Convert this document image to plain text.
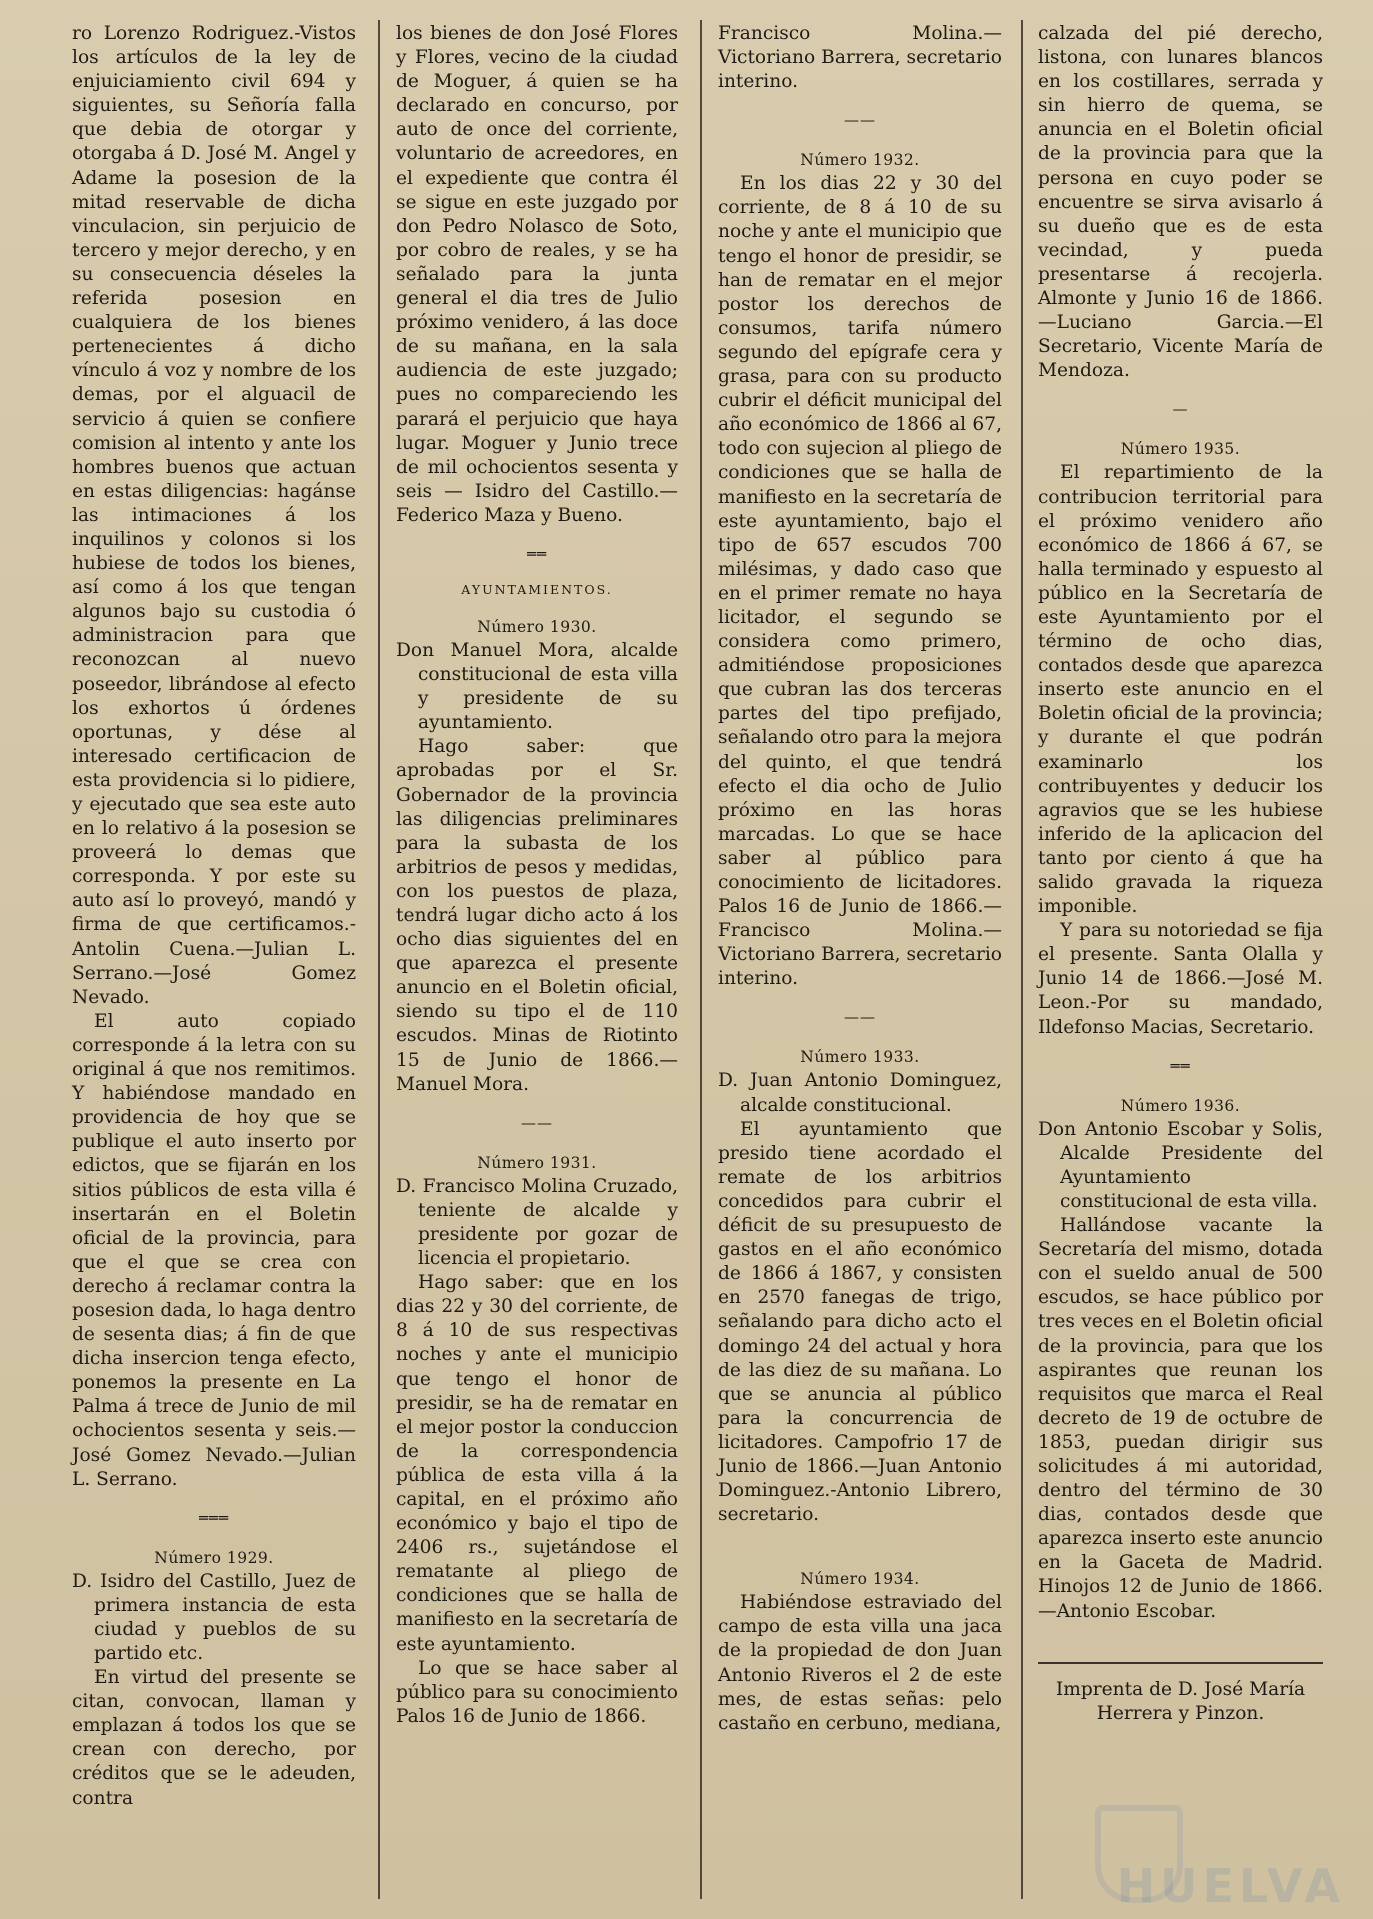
ro Lorenzo Rodriguez.-Vistos los artículos de la ley de enjuiciamiento civil 694 y siguientes, su Señoría falla que debia de otorgar y otorgaba á D. José M. Angel y Adame la posesion de la mitad reservable de dicha vinculacion, sin perjuicio de tercero y mejor derecho, y en su consecuencia déseles la referida posesion en cualquiera de los bienes pertenecientes á dicho vínculo á voz y nombre de los demas, por el alguacil de servicio á quien se confiere comision al intento y ante los hombres buenos que actuan en estas diligencias: hagánse las intimaciones á los inquilinos y colonos si los hubiese de todos los bienes, así como á los que tengan algunos bajo su custodia ó administracion para que reconozcan al nuevo poseedor, librándose al efecto los exhortos ú órdenes oportunas, y dése al interesado certificacion de esta providencia si lo pidiere, y ejecutado que sea este auto en lo relativo á la posesion se proveerá lo demas que corresponda. Y por este su auto así lo proveyó, mandó y firma de que certificamos.-Antolin Cuena.—Julian L. Serrano.—José Gomez Nevado.

El auto copiado corresponde á la letra con su original á que nos remitimos. Y habiéndose mandado en providencia de hoy que se publique el auto inserto por edictos, que se fijarán en los sitios públicos de esta villa é insertarán en el Boletin oficial de la provincia, para que el que se crea con derecho á reclamar contra la posesion dada, lo haga dentro de sesenta dias; á fin de que dicha insercion tenga efecto, ponemos la presente en La Palma á trece de Junio de mil ochocientos sesenta y seis.—José Gomez Nevado.—Julian L. Serrano.

═══
Número 1929.

D. Isidro del Castillo, Juez de primera instancia de esta ciudad y pueblos de su partido etc.

En virtud del presente se citan, convocan, llaman y emplazan á todos los que se crean con derecho, por créditos que se le adeuden, contra

los bienes de don José Flores y Flores, vecino de la ciudad de Moguer, á quien se ha declarado en concurso, por auto de once del corriente, voluntario de acreedores, en el expediente que contra él se sigue en este juzgado por don Pedro Nolasco de Soto, por cobro de reales, y se ha señalado para la junta general el dia tres de Julio próximo venidero, á las doce de su mañana, en la sala audiencia de este juzgado; pues no compareciendo les parará el perjuicio que haya lugar. Moguer y Junio trece de mil ochocientos sesenta y seis — Isidro del Castillo.—Federico Maza y Bueno.

══
AYUNTAMIENTOS.
Número 1930.

Don Manuel Mora, alcalde constitucional de esta villa y presidente de su ayuntamiento.

Hago saber: que aprobadas por el Sr. Gobernador de la provincia las diligencias preliminares para la subasta de los arbitrios de pesos y medidas, con los puestos de plaza, tendrá lugar dicho acto á los ocho dias siguientes del en que aparezca el presente anuncio en el Boletin oficial, siendo su tipo el de 110 escudos. Minas de Riotinto 15 de Junio de 1866.—Manuel Mora.

——
Número 1931.

D. Francisco Molina Cruzado, teniente de alcalde y presidente por gozar de licencia el propietario.

Hago saber: que en los dias 22 y 30 del corriente, de 8 á 10 de sus respectivas noches y ante el municipio que tengo el honor de presidir, se ha de rematar en el mejor postor la conduccion de la correspondencia pública de esta villa á la capital, en el próximo año económico y bajo el tipo de 2406 rs., sujetándose el rematante al pliego de condiciones que se halla de manifiesto en la secretaría de este ayuntamiento.

Lo que se hace saber al público para su conocimiento Palos 16 de Junio de 1866.

Francisco Molina.—Victoriano Barrera, secretario interino.

——
Número 1932.

En los dias 22 y 30 del corriente, de 8 á 10 de su noche y ante el municipio que tengo el honor de presidir, se han de rematar en el mejor postor los derechos de consumos, tarifa número segundo del epígrafe cera y grasa, para con su producto cubrir el déficit municipal del año económico de 1866 al 67, todo con sujecion al pliego de condiciones que se halla de manifiesto en la secretaría de este ayuntamiento, bajo el tipo de 657 escudos 700 milésimas, y dado caso que en el primer remate no haya licitador, el segundo se considera como primero, admitiéndose proposiciones que cubran las dos terceras partes del tipo prefijado, señalando otro para la mejora del quinto, el que tendrá efecto el dia ocho de Julio próximo en las horas marcadas. Lo que se hace saber al público para conocimiento de licitadores. Palos 16 de Junio de 1866.—Francisco Molina.—Victoriano Barrera, secretario interino.

——
Número 1933.

D. Juan Antonio Dominguez, alcalde constitucional.

El ayuntamiento que presido tiene acordado el remate de los arbitrios concedidos para cubrir el déficit de su presupuesto de gastos en el año económico de 1866 á 1867, y consisten en 2570 fanegas de trigo, señalando para dicho acto el domingo 24 del actual y hora de las diez de su mañana. Lo que se anuncia al público para la concurrencia de licitadores. Campofrio 17 de Junio de 1866.—Juan Antonio Dominguez.-Antonio Librero, secretario.

Número 1934.

Habiéndose estraviado del campo de esta villa una jaca de la propiedad de don Juan Antonio Riveros el 2 de este mes, de estas señas: pelo castaño en cerbuno, mediana,

calzada del pié derecho, listona, con lunares blancos en los costillares, serrada y sin hierro de quema, se anuncia en el Boletin oficial de la provincia para que la persona en cuyo poder se encuentre se sirva avisarlo á su dueño que es de esta vecindad, y pueda presentarse á recojerla. Almonte y Junio 16 de 1866.—Luciano Garcia.—El Secretario, Vicente María de Mendoza.

—
Número 1935.

El repartimiento de la contribucion territorial para el próximo venidero año económico de 1866 á 67, se halla terminado y espuesto al público en la Secretaría de este Ayuntamiento por el término de ocho dias, contados desde que aparezca inserto este anuncio en el Boletin oficial de la provincia; y durante el que podrán examinarlo los contribuyentes y deducir los agravios que se les hubiese inferido de la aplicacion del tanto por ciento á que ha salido gravada la riqueza imponible.

Y para su notoriedad se fija el presente. Santa Olalla y Junio 14 de 1866.—José M. Leon.-Por su mandado, Ildefonso Macias, Secretario.

══
Número 1936.

Don Antonio Escobar y Solis, Alcalde Presidente del Ayuntamiento constitucional de esta villa.

Hallándose vacante la Secretaría del mismo, dotada con el sueldo anual de 500 escudos, se hace público por tres veces en el Boletin oficial de la provincia, para que los aspirantes que reunan los requisitos que marca el Real decreto de 19 de octubre de 1853, puedan dirigir sus solicitudes á mi autoridad, dentro del término de 30 dias, contados desde que aparezca inserto este anuncio en la Gaceta de Madrid. Hinojos 12 de Junio de 1866.—Antonio Escobar.

Imprenta de D. José María Herrera y Pinzon.

HUELVA
